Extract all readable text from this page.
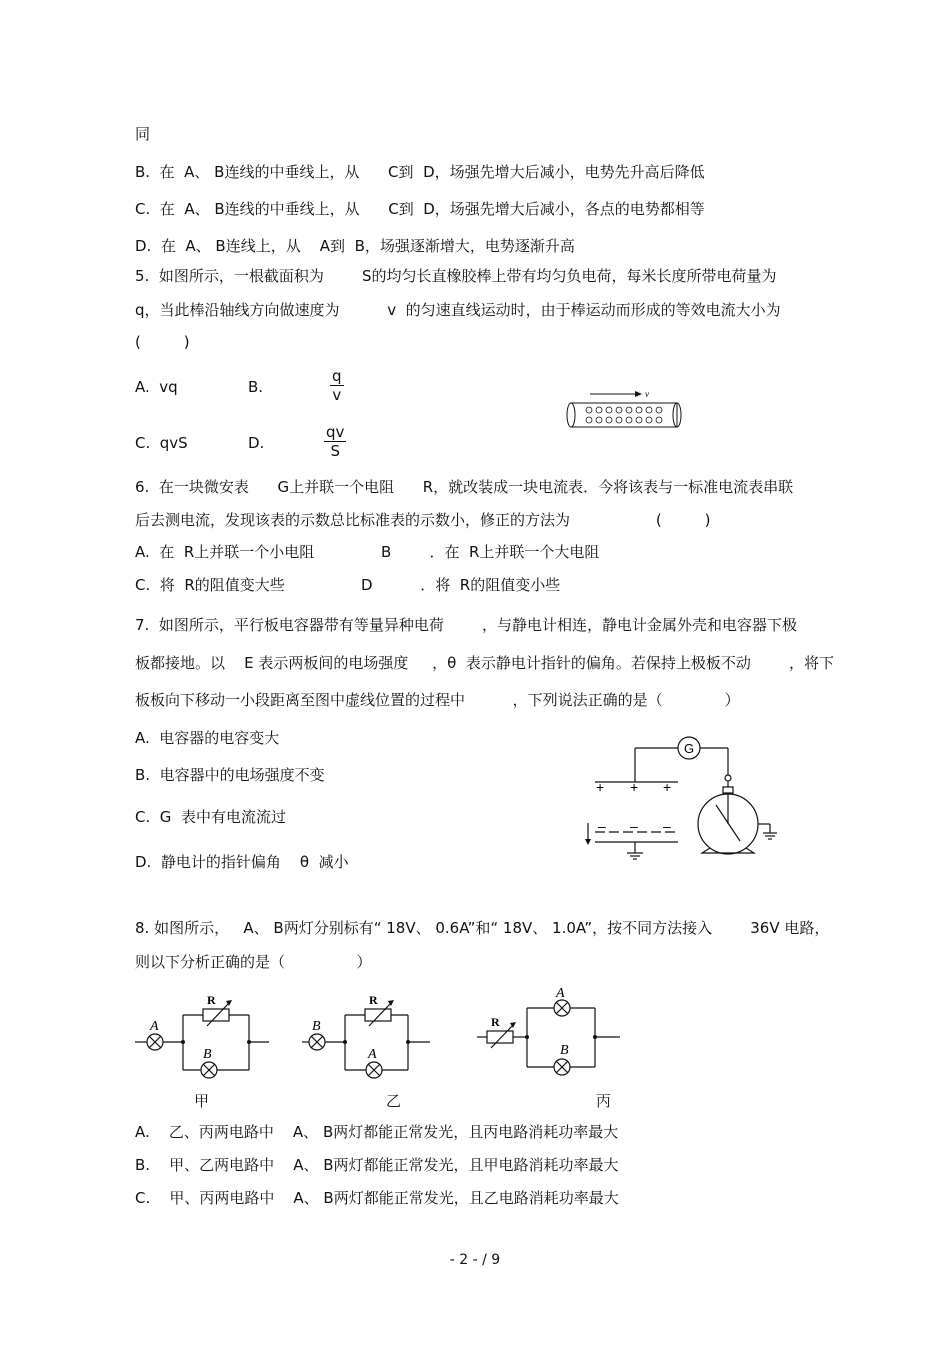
同
B.  在  A、 B连线的中垂线上，从      C到  D，场强先增大后减小，电势先升高后降低
C.  在  A、 B连线的中垂线上，从      C到  D，场强先增大后减小，各点的电势都相等
D.  在  A、 B连线上，从    A到  B，场强逐渐增大，电势逐渐升高
5.  如图所示，一根截面积为        S的均匀长直橡胶棒上带有均匀负电荷，每米长度所带电荷量为
q，当此棒沿轴线方向做速度为          v  的匀速直线运动时，由于棒运动而形成的等效电流大小为
(         )
A.  vq	B.	$\frac{q}{v}$
C.  qvS	D.	$\frac{qv}{S}$
v
6.  在一块微安表      G上并联一个电阻      R，就改装成一块电流表．今将该表与一标准电流表串联
后去测电流，发现该表的示数总比标准表的示数小，修正的方法为                  (         )
A.  在  R上并联一个小电阻              B        ．在  R上并联一个大电阻
C.  将  R的阻值变大些                D          ．将  R的阻值变小些
7.  如图所示，平行板电容器带有等量异种电荷        ，与静电计相连，静电计金属外壳和电容器下极
板都接地。以    E 表示两板间的电场强度     ，θ  表示静电计指针的偏角。若保持上极板不动        ，将下
板板向下移动一小段距离至图中虚线位置的过程中          ，下列说法正确的是（             ）
A.  电容器的电容变大
B.  电容器中的电场强度不变
C.  G  表中有电流流过
D.  静电计的指针偏角    θ  减小
G
+ + +
– – –
8. 如图所示，   A、 B两灯分别标有“ 18V、 0.6A”和“ 18V、 1.0A”，按不同方法接入        36V 电路，
则以下分析正确的是（               ）
R
A
B
R
B
A
R
A
B
甲	乙	丙
A.    乙、丙两电路中    A、 B两灯都能正常发光，且丙电路消耗功率最大
B.    甲、乙两电路中    A、 B两灯都能正常发光，且甲电路消耗功率最大
C.    甲、丙两电路中    A、 B两灯都能正常发光，且乙电路消耗功率最大
- 2 - / 9
